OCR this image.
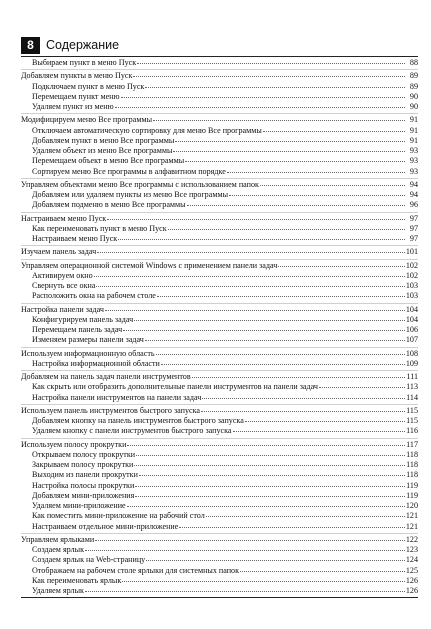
8 Содержание
Выбираем пункт в меню Пуск	88
Добавляем пункты в меню Пуск	89
Подключаем пункт в меню Пуск	89
Перемещаем пункт меню	90
Удаляем пункт из меню	90
Модифицируем меню Все программы	91
Отключаем автоматическую сортировку для меню Все программы	91
Добавляем пункт в меню Все программы	91
Удаляем объект из меню Все программы	93
Перемещаем объект в меню Все программы	93
Сортируем меню Все программы в алфавитном порядке	93
Управляем объектами меню Все программы с использованием папок	94
Добавляем или удаляем пункты из меню Все программы	94
Добавляем подменю в меню Все программы	96
Настраиваем меню Пуск	97
Как переименовать пункт в меню Пуск	97
Настраиваем меню Пуск	97
Изучаем панель задач	101
Управляем операционной системой Windows с применением панели задач	102
Активируем окно	102
Свернуть все окна	103
Расположить окна на рабочем столе	103
Настройка панели задач	104
Конфигурируем панель задач	104
Перемещаем панель задач	106
Изменяем размеры панели задач	107
Используем информационную область	108
Настройка информационной области	109
Добавляем на панель задач панели инструментов	111
Как скрыть или отобразить дополнительные панели инструментов на панели задач	113
Настройка панели инструментов на панели задач	114
Используем панель инструментов быстрого запуска	115
Добавляем кнопку на панель инструментов быстрого запуска	115
Удаляем кнопку с панели инструментов быстрого запуска	116
Используем полосу прокрутки	117
Открываем полосу прокрутки	118
Закрываем полосу прокрутки	118
Выходим из панели прокрутки	118
Настройка полосы прокрутки	119
Добавляем мини-приложения	119
Удаляем мини-приложение	120
Как поместить мини-приложение на рабочий стол	121
Настраиваем отдельное мини-приложение	121
Управляем ярлыками	122
Создаем ярлык	123
Создаем ярлык на Web-страницу	124
Отображаем на рабочем столе ярлыки для системных папок	125
Как переименовать ярлык	126
Удаляем ярлык	126
